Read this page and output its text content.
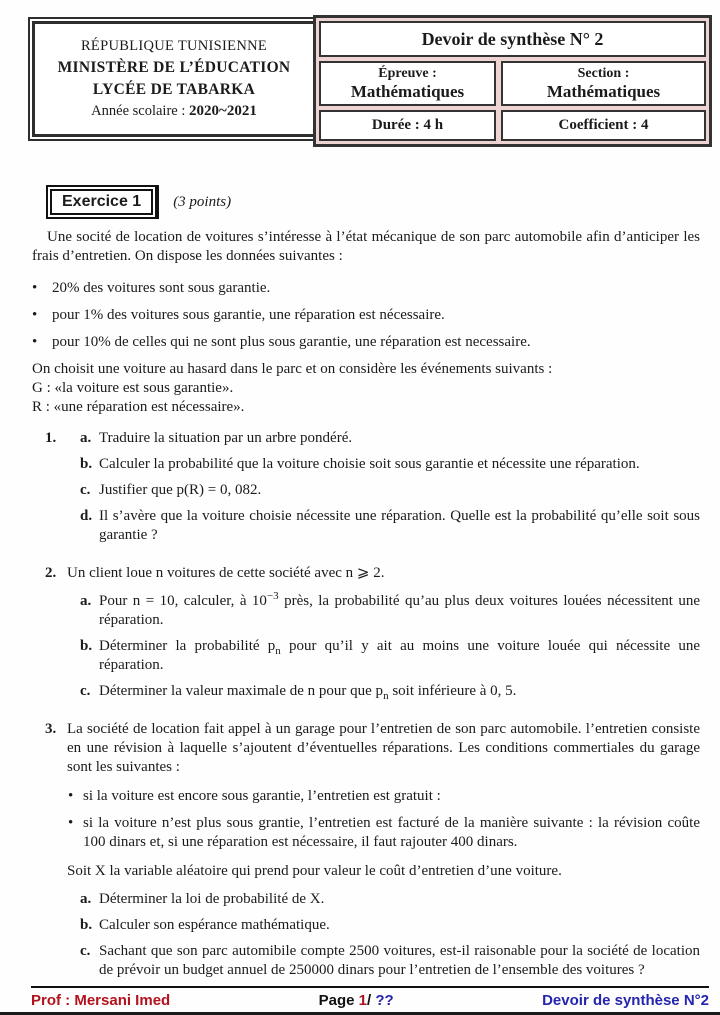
RÉPUBLIQUE TUNISIENNE
MINISTÈRE DE L’ÉDUCATION
LYCÉE DE TABARKA
Année scolaire : 2020~2021
Devoir de synthèse N° 2
Épreuve :
Mathématiques
Section :
Mathématiques
Durée : 4 h	Coefficient : 4
Exercice 1	(3 points)

Une socité de location de voitures s’intéresse à l’état mécanique de son parc automobile afin d’anticiper les frais d’entretien. On dispose les données suivantes :

• 20% des voitures sont sous garantie.
• pour 1% des voitures sous garantie, une réparation est nécessaire.
• pour 10% de celles qui ne sont plus sous garantie, une réparation est necessaire.

On choisit une voiture au hasard dans le parc et on considère les événements suivants :

G : «la voiture est sous garantie».

R : «une réparation est nécessaire».

1.	a. Traduire la situation par un arbre pondéré.
b. Calculer la probabilité que la voiture choisie soit sous garantie et nécessite une réparation.
c. Justifier que p(R) = 0, 082.
d. Il s’avère que la voiture choisie nécessite une réparation. Quelle est la probabilité qu’elle soit sous garantie ?
2. Un client loue n voitures de cette société avec n ⩾ 2.
a. Pour n = 10, calculer, à $10^{-3}$ près, la probabilité qu’au plus deux voitures louées nécessitent une réparation.
b. Déterminer la probabilité $p_n$ pour qu’il y ait au moins une voiture louée qui nécessite une réparation.
c. Déterminer la valeur maximale de n pour que $p_n$ soit inférieure à 0, 5.
3. La société de location fait appel à un garage pour l’entretien de son parc automobile. l’entretien consiste en une révision à laquelle s’ajoutent d’éventuelles réparations. Les conditions commertiales du garage sont les suivantes :
• si la voiture est encore sous garantie, l’entretien est gratuit :
• si la voiture n’est plus sous grantie, l’entretien est facturé de la manière suivante : la révision coûte 100 dinars et, si une réparation est nécessaire, il faut rajouter 400 dinars.
Soit X la variable aléatoire qui prend pour valeur le coût d’entretien d’une voiture.
a. Déterminer la loi de probabilité de X.
b. Calculer son espérance mathématique.
c. Sachant que son parc automibile compte 2500 voitures, est-il raisonable pour la société de location de prévoir un budget annuel de 250000 dinars pour l’entretien de l’ensemble des voitures ?
Prof : Mersani Imed	Page 1/ ??	Devoir de synthèse N°2
